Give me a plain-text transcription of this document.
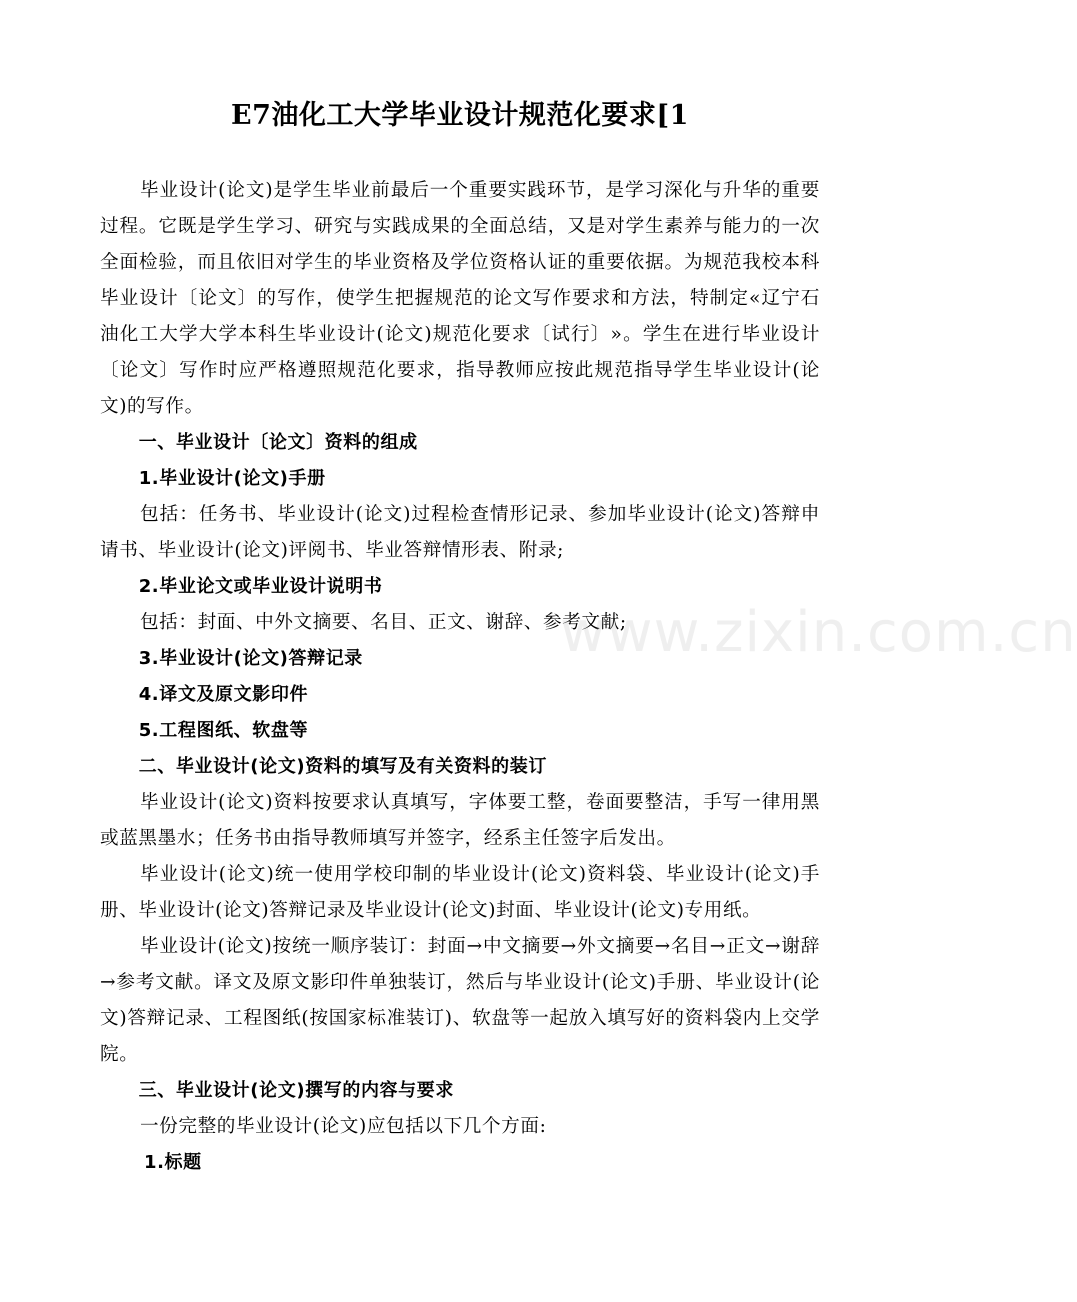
E7油化工大学毕业设计规范化要求[1

毕业设计(论文)是学生毕业前最后一个重要实践环节，是学习深化与升华的重要过程。它既是学生学习、研究与实践成果的全面总结，又是对学生素养与能力的一次全面检验，而且依旧对学生的毕业资格及学位资格认证的重要依据。为规范我校本科毕业设计〔论文〕的写作，使学生把握规范的论文写作要求和方法，特制定«辽宁石油化工大学大学本科生毕业设计(论文)规范化要求〔试行〕»。学生在进行毕业设计〔论文〕写作时应严格遵照规范化要求，指导教师应按此规范指导学生毕业设计(论文)的写作。

一、毕业设计〔论文〕资料的组成

1.毕业设计(论文)手册

包括：任务书、毕业设计(论文)过程检查情形记录、参加毕业设计(论文)答辩申请书、毕业设计(论文)评阅书、毕业答辩情形表、附录;

2.毕业论文或毕业设计说明书

包括：封面、中外文摘要、名目、正文、谢辞、参考文献;

3.毕业设计(论文)答辩记录

4.译文及原文影印件

5.工程图纸、软盘等

二、毕业设计(论文)资料的填写及有关资料的装订

毕业设计(论文)资料按要求认真填写，字体要工整，卷面要整洁，手写一律用黑或蓝黑墨水；任务书由指导教师填写并签字，经系主任签字后发出。

毕业设计(论文)统一使用学校印制的毕业设计(论文)资料袋、毕业设计(论文)手册、毕业设计(论文)答辩记录及毕业设计(论文)封面、毕业设计(论文)专用纸。

毕业设计(论文)按统一顺序装订：封面→中文摘要→外文摘要→名目→正文→谢辞→参考文献。译文及原文影印件单独装订，然后与毕业设计(论文)手册、毕业设计(论文)答辩记录、工程图纸(按国家标准装订)、软盘等一起放入填写好的资料袋内上交学院。

三、毕业设计(论文)撰写的内容与要求

一份完整的毕业设计(论文)应包括以下几个方面:

1.标题

www.zixin.com.cn
